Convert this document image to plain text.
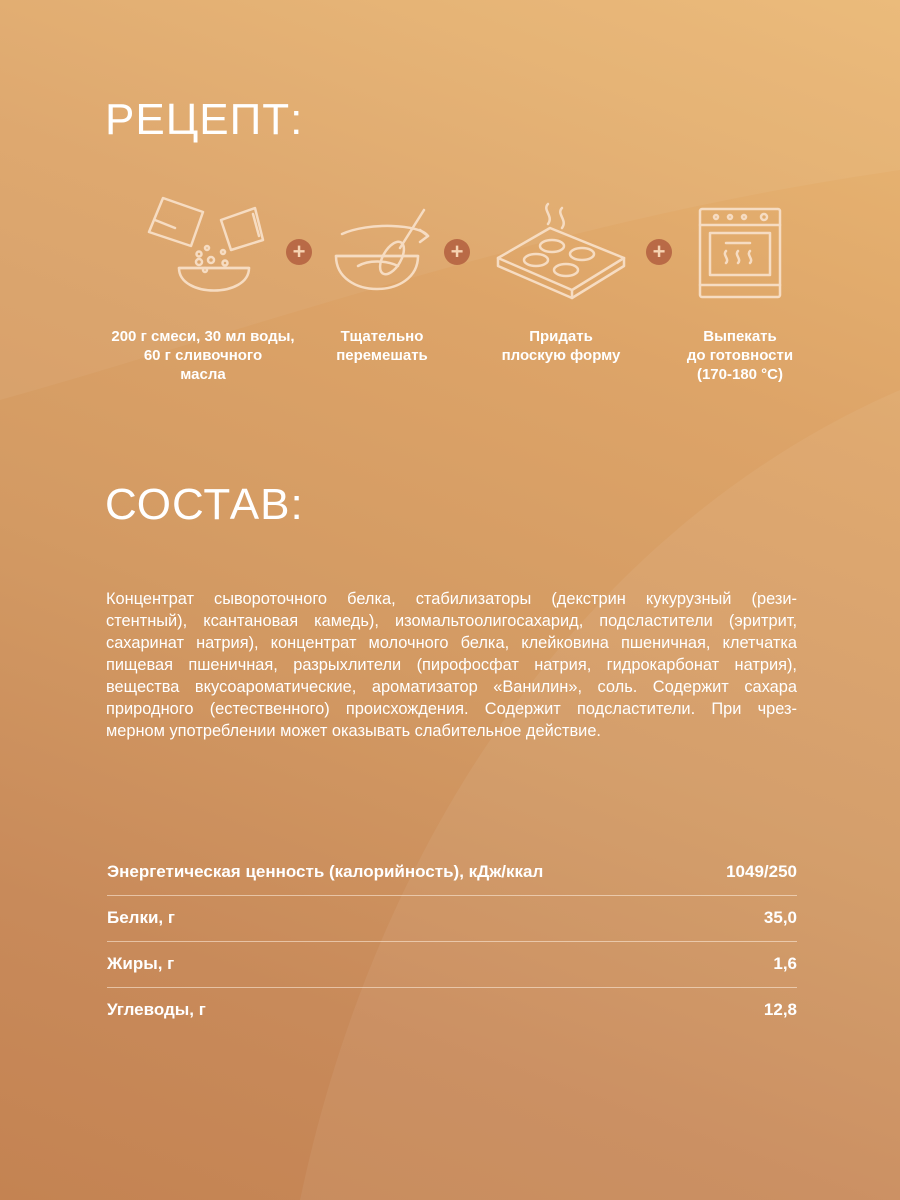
РЕЦЕПТ:
+	+	+
200 г смеси, 30 мл воды,
60 г сливочного
масла
Тщательно
перемешать
Придать
плоскую форму
Выпекать
до готовности
(170-180 °С)
СОСТАВ:

Концентрат сывороточного белка, стабилизаторы (декстрин кукурузный (рези-
стентный), ксантановая камедь), изомальтоолигосахарид, подсластители (эритрит,
сахаринат натрия), концентрат молочного белка, клейковина пшеничная, клетчатка
пищевая пшеничная, разрыхлители (пирофосфат натрия, гидрокарбонат натрия),
вещества вкусоароматические, ароматизатор «Ванилин», соль. Содержит сахара
природного (естественного) происхождения. Содержит подсластители. При чрез-
мерном употреблении может оказывать слабительное действие.

Энергетическая ценность (калорийность), кДж/ккал	1049/250
Белки, г	35,0
Жиры, г	1,6
Углеводы, г	12,8
